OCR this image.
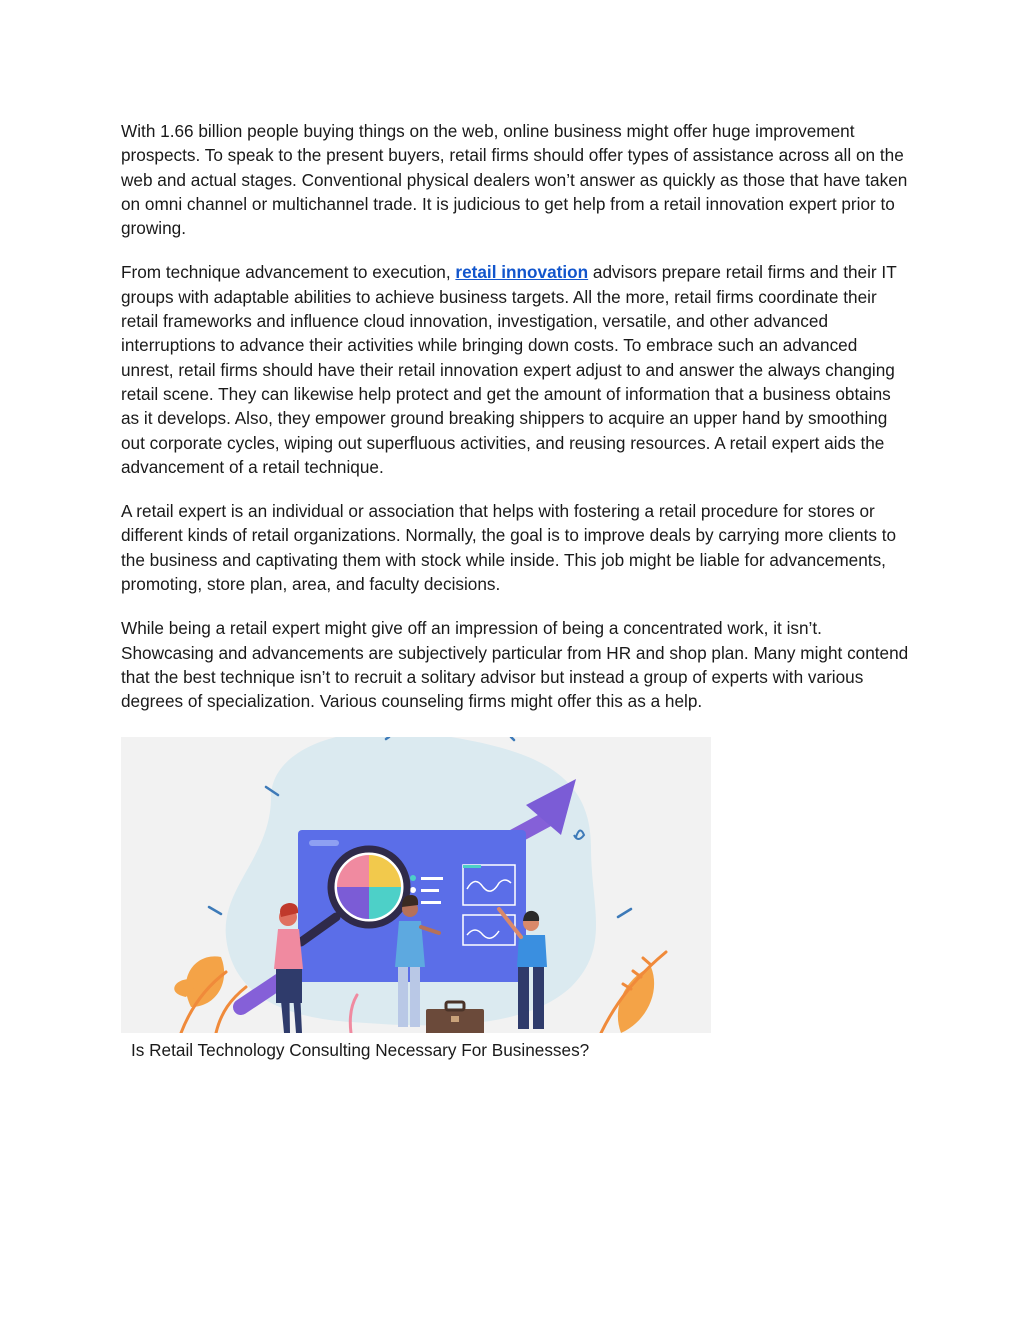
With 1.66 billion people buying things on the web, online business might offer huge improvement prospects. To speak to the present buyers, retail firms should offer types of assistance across all on the web and actual stages. Conventional physical dealers won’t answer as quickly as those that have taken on omni channel or multichannel trade. It is judicious to get help from a retail innovation expert prior to growing.

From technique advancement to execution, retail innovation advisors prepare retail firms and their IT groups with adaptable abilities to achieve business targets. All the more, retail firms coordinate their retail frameworks and influence cloud innovation, investigation, versatile, and other advanced interruptions to advance their activities while bringing down costs. To embrace such an advanced unrest, retail firms should have their retail innovation expert adjust to and answer the always changing retail scene. They can likewise help protect and get the amount of information that a business obtains as it develops. Also, they empower ground breaking shippers to acquire an upper hand by smoothing out corporate cycles, wiping out superfluous activities, and reusing resources. A retail expert aids the advancement of a retail technique.

A retail expert is an individual or association that helps with fostering a retail procedure for stores or different kinds of retail organizations. Normally, the goal is to improve deals by carrying more clients to the business and captivating them with stock while inside. This job might be liable for advancements, promoting, store plan, area, and faculty decisions.

While being a retail expert might give off an impression of being a concentrated work, it isn’t. Showcasing and advancements are subjectively particular from HR and shop plan. Many might contend that the best technique isn’t to recruit a solitary advisor but instead a group of experts with various degrees of specialization. Various counseling firms might offer this as a help.

Is Retail Technology Consulting Necessary For Businesses?
